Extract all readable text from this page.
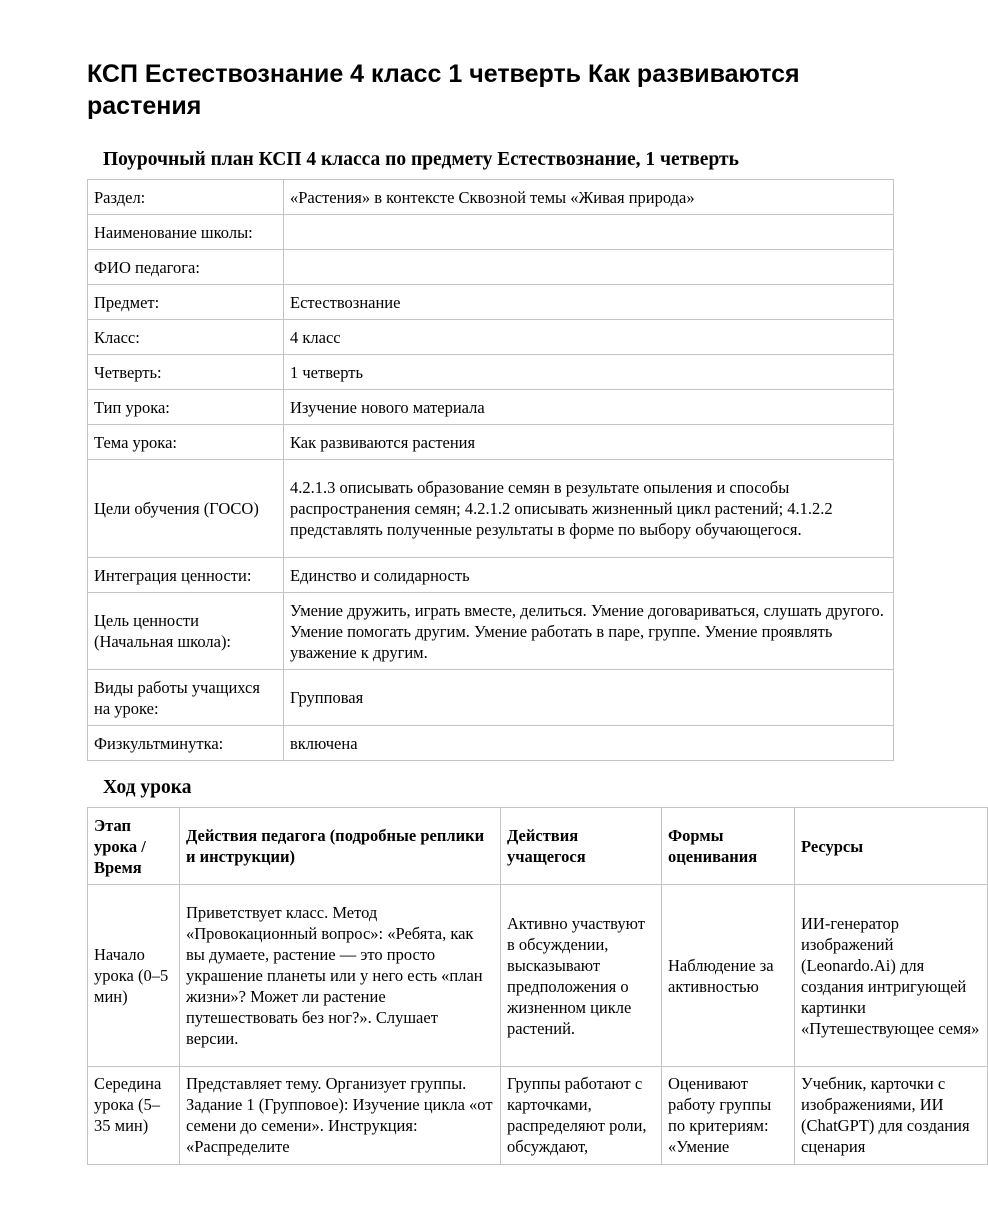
КСП Естествознание 4 класс 1 четверть Как развиваются растения
Поурочный план КСП 4 класса по предмету Естествознание, 1 четверть
Раздел:	«Растения» в контексте Сквозной темы «Живая природа»
Наименование школы:	
ФИО педагога:	
Предмет:	Естествознание
Класс:	4 класс
Четверть:	1 четверть
Тип урока:	Изучение нового материала
Тема урока:	Как развиваются растения
Цели обучения (ГОСО)	4.2.1.3 описывать образование семян в результате опыления и способы распространения семян; 4.2.1.2 описывать жизненный цикл растений; 4.1.2.2 представлять полученные результаты в форме по выбору обучающегося.
Интеграция ценности:	Единство и солидарность
Цель ценности (Начальная школа):	Умение дружить, играть вместе, делиться. Умение договариваться, слушать другого. Умение помогать другим. Умение работать в паре, группе. Умение проявлять уважение к другим.
Виды работы учащихся на уроке:	Групповая
Физкультминутка:	включена
Ход урока
Этап урока / Время	Действия педагога (подробные реплики и инструкции)	Действия учащегося	Формы оценивания	Ресурсы
Начало урока (0–5 мин)	Приветствует класс. Метод «Провокационный вопрос»: «Ребята, как вы думаете, растение — это просто украшение планеты или у него есть «план жизни»? Может ли растение путешествовать без ног?». Слушает версии.	Активно участвуют в обсуждении, высказывают предположения о жизненном цикле растений.	Наблюдение за активностью	ИИ-генератор изображений (Leonardo.Ai) для создания интригующей картинки «Путешествующее семя»

Середина урока (5–35 мин)	Представляет тему. Организует группы. Задание 1 (Групповое): Изучение цикла «от семени до семени». Инструкция: «Распределите	Группы работают с карточками, распределяют роли, обсуждают,	Оценивают работу группы по критериям: «Умение	Учебник, карточки с изображениями, ИИ (ChatGPT) для создания сценария
